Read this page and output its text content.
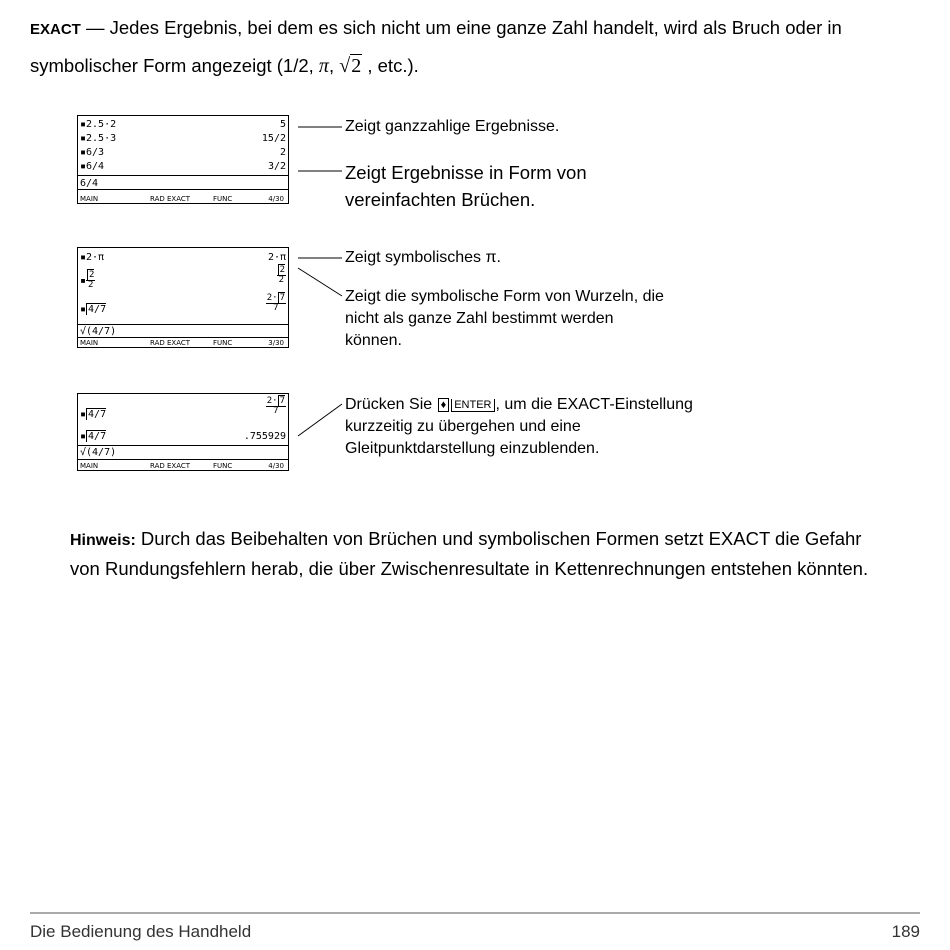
EXACT — Jedes Ergebnis, bei dem es sich nicht um eine ganze Zahl handelt, wird als Bruch oder in symbolischer Form angezeigt (1/2, π, √2 , etc.).
▪2.5·2	5
▪2.5·3	15/2
▪6/3	2
▪6/4	3/2
6/4
MAIN	RAD EXACT	FUNC	4/30
▪2·π	2·π
▪ $\frac{2}{2}$	$\frac{2}{2}$
▪ 4/7	$\frac{2\cdot 7}{7}$
√(4/7)
MAIN	RAD EXACT	FUNC	3/30
▪ 4/7	$\frac{2\cdot 7}{7}$
▪ 4/7	.755929
√(4/7)
MAIN	RAD EXACT	FUNC	4/30
Zeigt ganzzahlige Ergebnisse.
Zeigt Ergebnisse in Form von vereinfachten Brüchen.
Zeigt symbolisches π.
Zeigt die symbolische Form von Wurzeln, die nicht als ganze Zahl bestimmt werden können.
Drücken Sie ♦ ENTER , um die EXACT-Einstellung kurzzeitig zu übergehen und eine Gleitpunktdarstellung einzublenden.
Hinweis: Durch das Beibehalten von Brüchen und symbolischen Formen setzt EXACT die Gefahr von Rundungsfehlern herab, die über Zwischenresultate in Kettenrechnungen entstehen könnten.
Die Bedienung des Handheld	189
